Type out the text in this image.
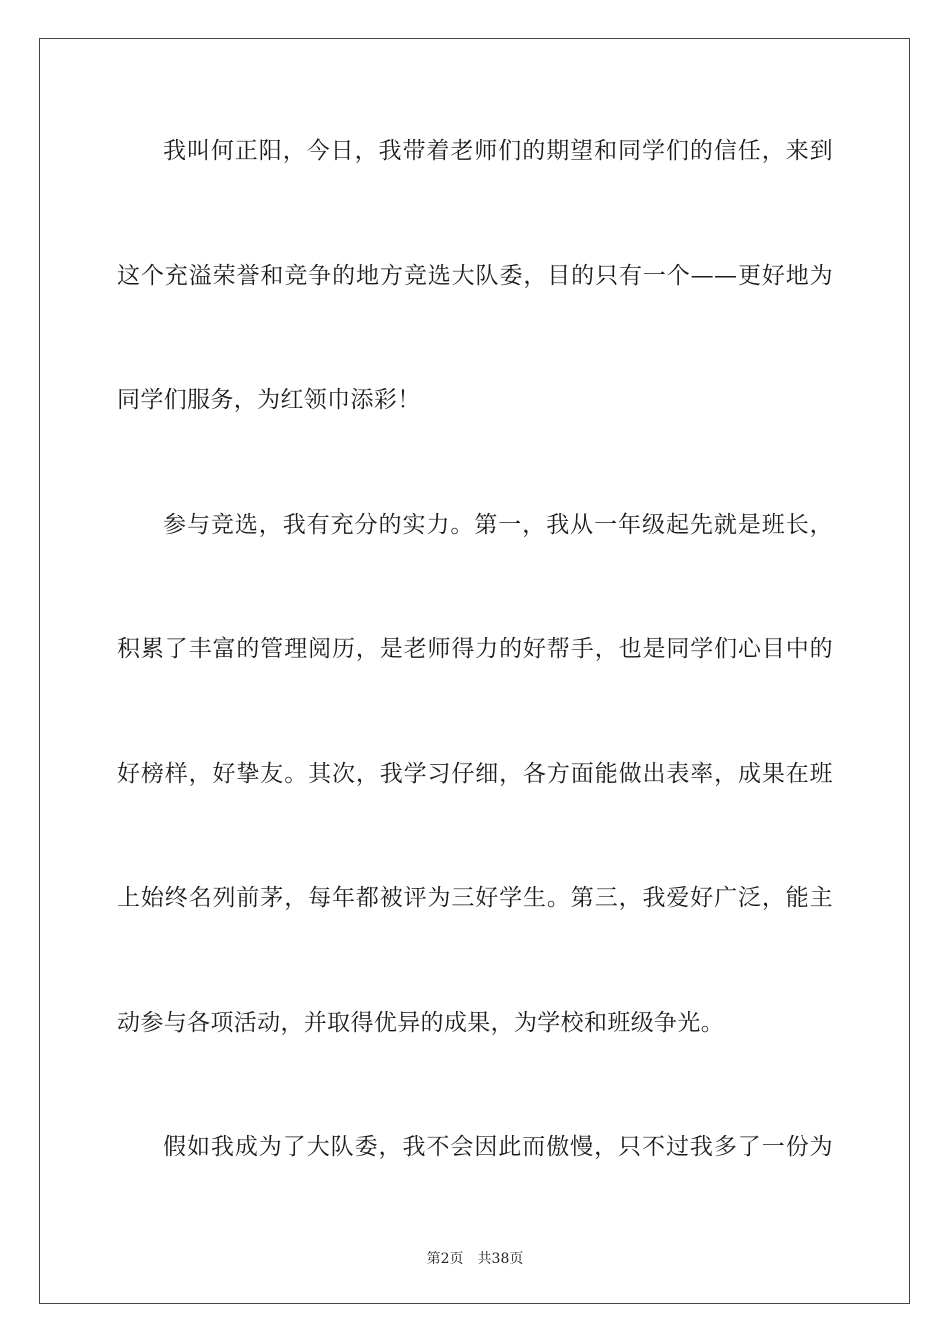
我叫何正阳，今日，我带着老师们的期望和同学们的信任，来到
这个充溢荣誉和竞争的地方竞选大队委，目的只有一个——更好地为
同学们服务，为红领巾添彩！
参与竞选，我有充分的实力。第一，我从一年级起先就是班长，
积累了丰富的管理阅历，是老师得力的好帮手，也是同学们心目中的
好榜样，好挚友。其次，我学习仔细，各方面能做出表率，成果在班
上始终名列前茅，每年都被评为三好学生。第三，我爱好广泛，能主
动参与各项活动，并取得优异的成果，为学校和班级争光。
假如我成为了大队委，我不会因此而傲慢，只不过我多了一份为
第2页 共38页
